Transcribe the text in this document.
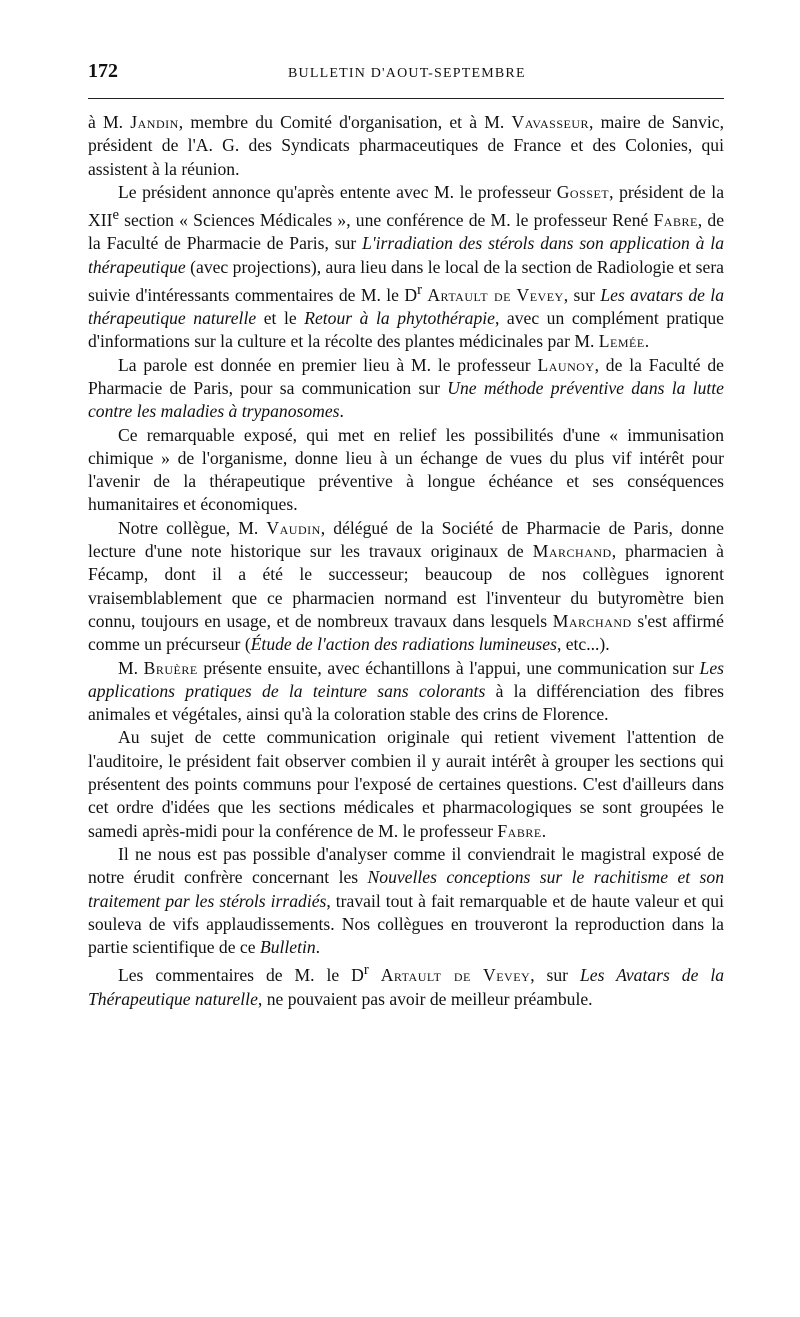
172	BULLETIN D'AOUT-SEPTEMBRE

à M. Jandin, membre du Comité d'organisation, et à M. Vavasseur, maire de Sanvic, président de l'A. G. des Syndicats pharmaceutiques de France et des Colonies, qui assistent à la réunion.

Le président annonce qu'après entente avec M. le professeur Gosset, président de la XIIe section « Sciences Médicales », une conférence de M. le professeur René Fabre, de la Faculté de Pharmacie de Paris, sur L'irradiation des stérols dans son application à la thérapeutique (avec projections), aura lieu dans le local de la section de Radiologie et sera suivie d'intéressants commentaires de M. le $D^r$ Artault de Vevey, sur Les avatars de la thérapeutique naturelle et le Retour à la phytothérapie, avec un complément pratique d'informations sur la culture et la récolte des plantes médicinales par M. Lemée.

La parole est donnée en premier lieu à M. le professeur Launoy, de la Faculté de Pharmacie de Paris, pour sa communication sur Une méthode préventive dans la lutte contre les maladies à trypanosomes.

Ce remarquable exposé, qui met en relief les possibilités d'une « immunisation chimique » de l'organisme, donne lieu à un échange de vues du plus vif intérêt pour l'avenir de la thérapeutique préventive à longue échéance et ses conséquences humanitaires et économiques.

Notre collègue, M. Vaudin, délégué de la Société de Pharmacie de Paris, donne lecture d'une note historique sur les travaux originaux de Marchand, pharmacien à Fécamp, dont il a été le successeur; beaucoup de nos collègues ignorent vraisemblablement que ce pharmacien normand est l'inventeur du butyromètre bien connu, toujours en usage, et de nombreux travaux dans lesquels Marchand s'est affirmé comme un précurseur (Étude de l'action des radiations lumineuses, etc...).

M. Bruère présente ensuite, avec échantillons à l'appui, une communication sur Les applications pratiques de la teinture sans colorants à la différenciation des fibres animales et végétales, ainsi qu'à la coloration stable des crins de Florence.

Au sujet de cette communication originale qui retient vivement l'attention de l'auditoire, le président fait observer combien il y aurait intérêt à grouper les sections qui présentent des points communs pour l'exposé de certaines questions. C'est d'ailleurs dans cet ordre d'idées que les sections médicales et pharmacologiques se sont groupées le samedi après-midi pour la conférence de M. le professeur Fabre.

Il ne nous est pas possible d'analyser comme il conviendrait le magistral exposé de notre érudit confrère concernant les Nouvelles conceptions sur le rachitisme et son traitement par les stérols irradiés, travail tout à fait remarquable et de haute valeur et qui souleva de vifs applaudissements. Nos collègues en trouveront la reproduction dans la partie scientifique de ce Bulletin.

Les commentaires de M. le $D^r$ Artault de Vevey, sur Les Avatars de la Thérapeutique naturelle, ne pouvaient pas avoir de meilleur préambule.
